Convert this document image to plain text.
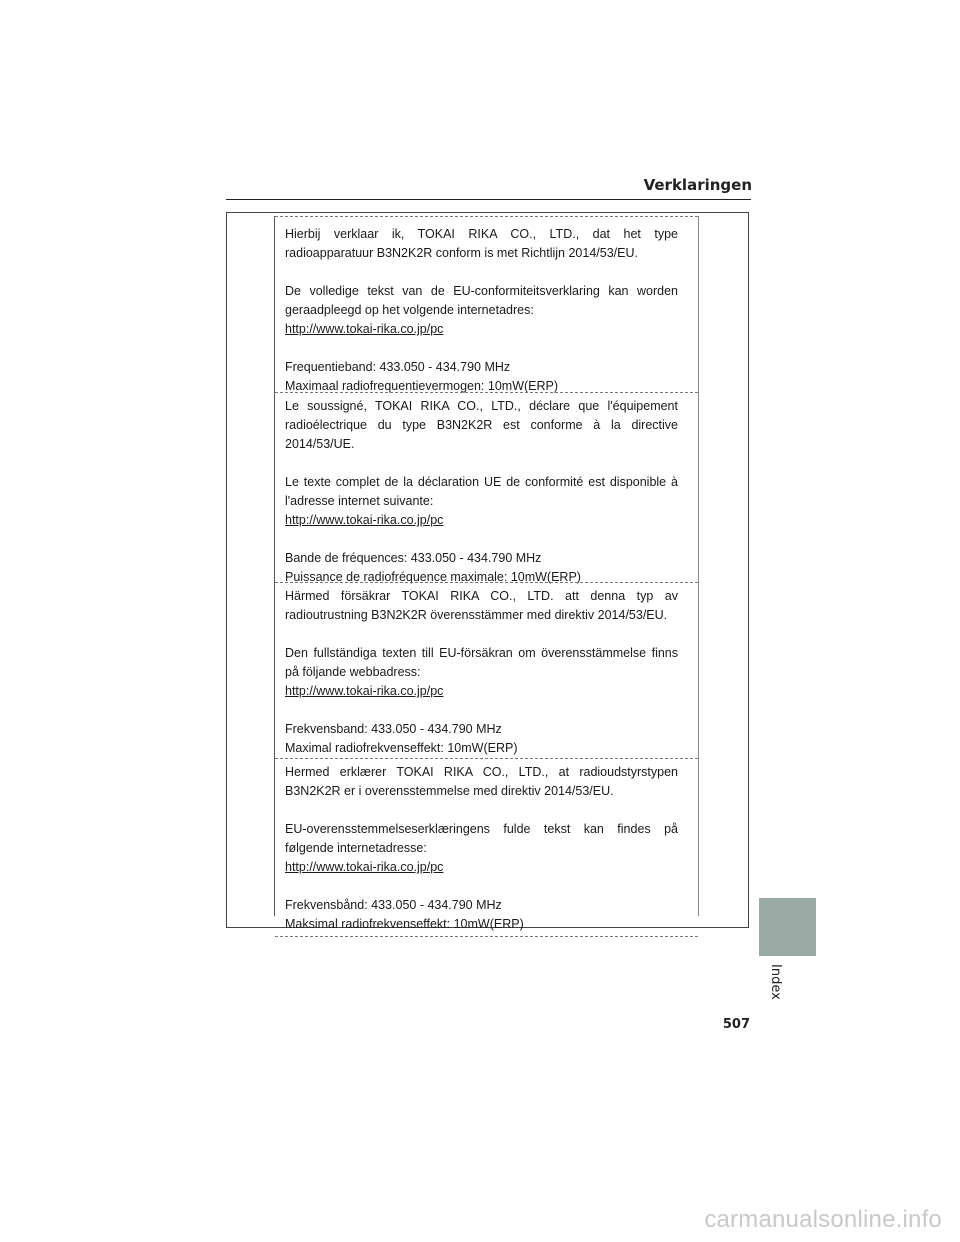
Verklaringen

Hierbij verklaar ik, TOKAI RIKA CO., LTD., dat het type radioapparatuur B3N2K2R conform is met Richtlijn 2014/53/EU.

De volledige tekst van de EU-conformiteitsverklaring kan worden geraadpleegd op het volgende internetadres:

http://www.tokai-rika.co.jp/pc

Frequentieband: 433.050 - 434.790 MHz

Maximaal radiofrequentievermogen: 10mW(ERP)

Le soussigné, TOKAI RIKA CO., LTD., déclare que l'équipement radioélectrique du type B3N2K2R est conforme à la directive 2014/53/UE.

Le texte complet de la déclaration UE de conformité est disponible à l'adresse internet suivante:

http://www.tokai-rika.co.jp/pc

Bande de fréquences: 433.050 - 434.790 MHz

Puissance de radiofréquence maximale: 10mW(ERP)

Härmed försäkrar TOKAI RIKA CO., LTD. att denna typ av radioutrustning B3N2K2R överensstämmer med direktiv 2014/53/EU.

Den fullständiga texten till EU-försäkran om överensstämmelse finns på följande webbadress:

http://www.tokai-rika.co.jp/pc

Frekvensband: 433.050 - 434.790 MHz

Maximal radiofrekvenseffekt: 10mW(ERP)

Hermed erklærer TOKAI RIKA CO., LTD., at radioudstyrstypen B3N2K2R er i overensstemmelse med direktiv 2014/53/EU.

EU-overensstemmelseserklæringens fulde tekst kan findes på følgende internetadresse:

http://www.tokai-rika.co.jp/pc

Frekvensbånd: 433.050 - 434.790 MHz

Maksimal radiofrekvenseffekt: 10mW(ERP)

Index
507
carmanualsonline.info
